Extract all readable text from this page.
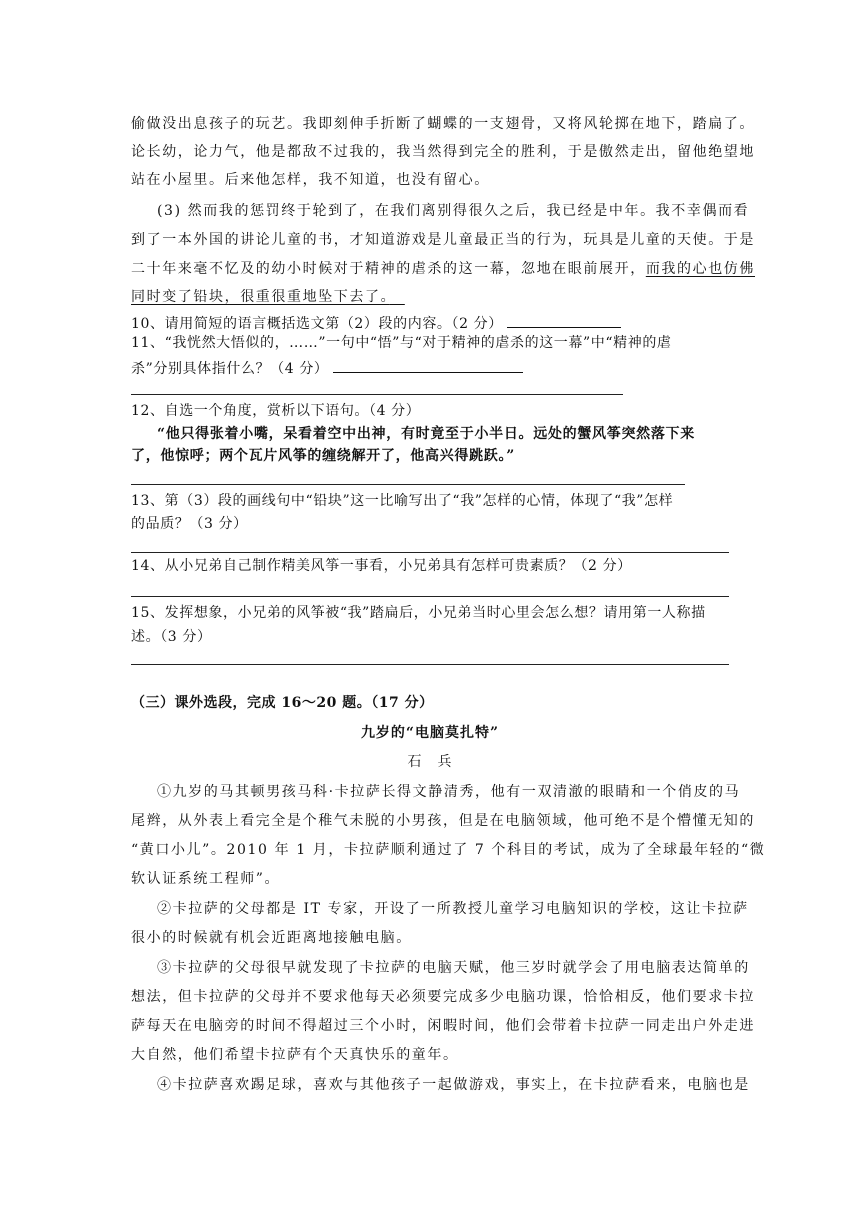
偷做没出息孩子的玩艺。我即刻伸手折断了蝴蝶的一支翅骨，又将风轮掷在地下，踏扁了。
论长幼，论力气，他是都敌不过我的，我当然得到完全的胜利，于是傲然走出，留他绝望地
站在小屋里。后来他怎样，我不知道，也没有留心。
(3) 然而我的惩罚终于轮到了，在我们离别得很久之后，我已经是中年。我不幸偶而看
到了一本外国的讲论儿童的书，才知道游戏是儿童最正当的行为，玩具是儿童的天使。于是
二十年来毫不忆及的幼小时候对于精神的虐杀的这一幕，忽地在眼前展开，而我的心也仿佛
同时变了铅块，很重很重地坠下去了。　
10、请用简短的语言概括选文第（2）段的内容。（2 分）
11、“我恍然大悟似的，……”一句中“悟”与“对于精神的虐杀的这一幕”中“精神的虐
杀”分别具体指什么？（4 分）
12、自选一个角度，赏析以下语句。（4 分）
“他只得张着小嘴，呆看着空中出神，有时竟至于小半日。远处的蟹风筝突然落下来
了，他惊呼；两个瓦片风筝的缠绕解开了，他高兴得跳跃。”
13、第（3）段的画线句中“铅块”这一比喻写出了“我”怎样的心情，体现了“我”怎样
的品质？（3 分）
14、从小兄弟自己制作精美风筝一事看，小兄弟具有怎样可贵素质？（2 分）
15、发挥想象，小兄弟的风筝被“我”踏扁后，小兄弟当时心里会怎么想？请用第一人称描
述。（3 分）
（三）课外选段，完成 16～20 题。（17 分）
九岁的“电脑莫扎特”
石　兵
①九岁的马其顿男孩马科·卡拉萨长得文静清秀，他有一双清澈的眼睛和一个俏皮的马
尾辫，从外表上看完全是个稚气未脱的小男孩，但是在电脑领域，他可绝不是个懵懂无知的
“黄口小儿”。2010 年 1 月，卡拉萨顺利通过了 7 个科目的考试，成为了全球最年轻的“微
软认证系统工程师”。
②卡拉萨的父母都是 IT 专家，开设了一所教授儿童学习电脑知识的学校，这让卡拉萨
很小的时候就有机会近距离地接触电脑。
③卡拉萨的父母很早就发现了卡拉萨的电脑天赋，他三岁时就学会了用电脑表达简单的
想法，但卡拉萨的父母并不要求他每天必须要完成多少电脑功课，恰恰相反，他们要求卡拉
萨每天在电脑旁的时间不得超过三个小时，闲暇时间，他们会带着卡拉萨一同走出户外走进
大自然，他们希望卡拉萨有个天真快乐的童年。
④卡拉萨喜欢踢足球，喜欢与其他孩子一起做游戏，事实上，在卡拉萨看来，电脑也是
